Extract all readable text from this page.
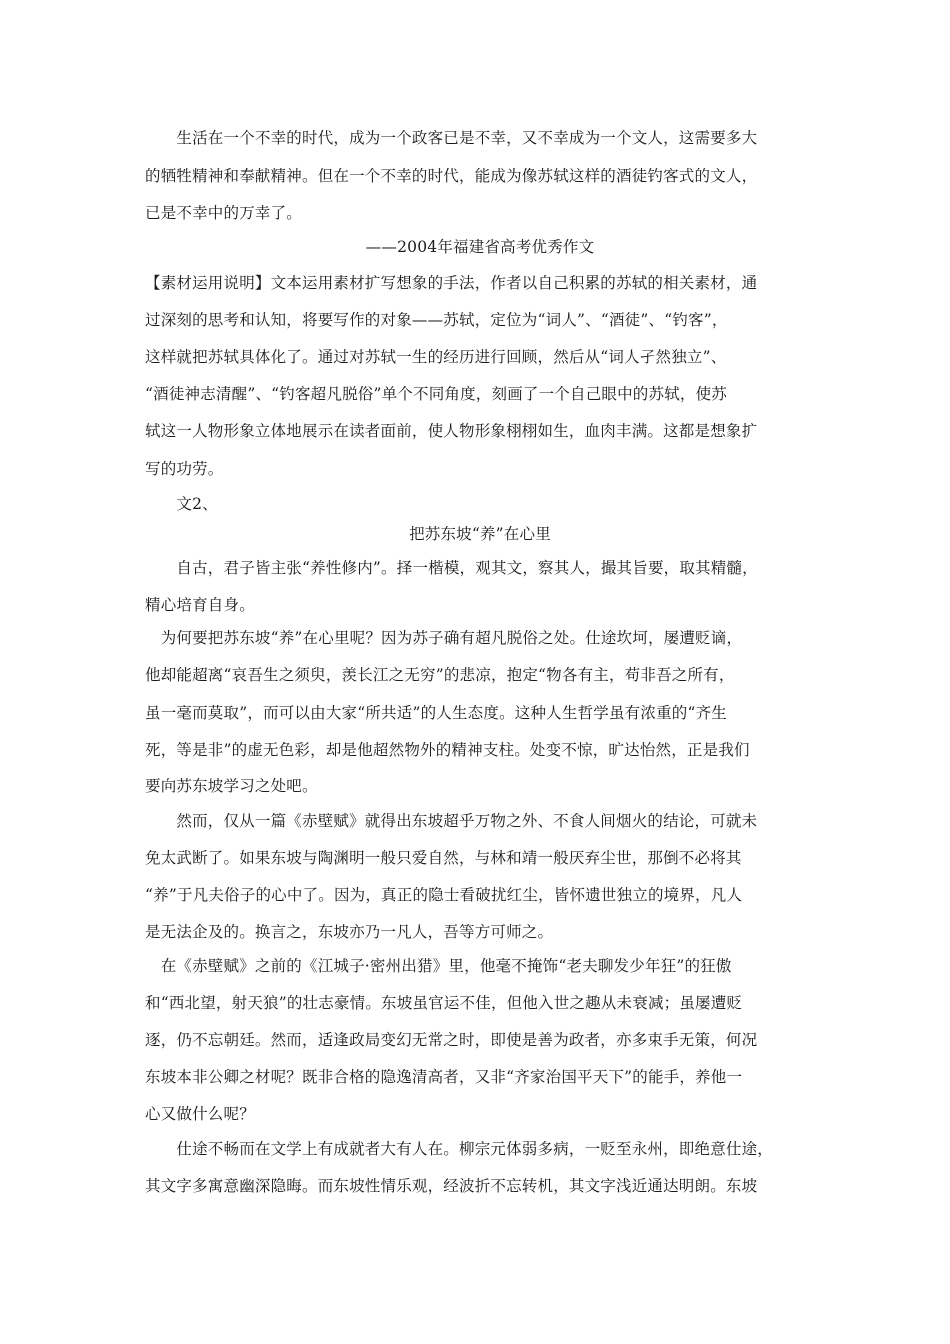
　　生活在一个不幸的时代，成为一个政客已是不幸，又不幸成为一个文人，这需要多大
的牺牲精神和奉献精神。但在一个不幸的时代，能成为像苏轼这样的酒徒钓客式的文人，
已是不幸中的万幸了。
——2004年福建省高考优秀作文
【素材运用说明】文本运用素材扩写想象的手法，作者以自己积累的苏轼的相关素材，通
过深刻的思考和认知，将要写作的对象——苏轼，定位为“词人”、“酒徒”、“钓客”，
这样就把苏轼具体化了。通过对苏轼一生的经历进行回顾，然后从“词人孑然独立”、
“酒徒神志清醒”、“钓客超凡脱俗”单个不同角度，刻画了一个自己眼中的苏轼，使苏
轼这一人物形象立体地展示在读者面前，使人物形象栩栩如生，血肉丰满。这都是想象扩
写的功劳。
　　文2、
把苏东坡“养”在心里
　　自古，君子皆主张“养性修内”。择一楷模，观其文，察其人，撮其旨要，取其精髓，
精心培育自身。
　为何要把苏东坡“养”在心里呢？因为苏子确有超凡脱俗之处。仕途坎坷，屡遭贬谪，
他却能超离“哀吾生之须臾，羡长江之无穷”的悲凉，抱定“物各有主，苟非吾之所有，
虽一毫而莫取”，而可以由大家“所共适”的人生态度。这种人生哲学虽有浓重的“齐生
死，等是非”的虚无色彩，却是他超然物外的精神支柱。处变不惊，旷达怡然，正是我们
要向苏东坡学习之处吧。
　　然而，仅从一篇《赤壁赋》就得出东坡超乎万物之外、不食人间烟火的结论，可就未
免太武断了。如果东坡与陶渊明一般只爱自然，与林和靖一般厌弃尘世，那倒不必将其
“养”于凡夫俗子的心中了。因为，真正的隐士看破扰红尘，皆怀遗世独立的境界，凡人
是无法企及的。换言之，东坡亦乃一凡人，吾等方可师之。
　在《赤壁赋》之前的《江城子·密州出猎》里，他毫不掩饰“老夫聊发少年狂”的狂傲
和“西北望，射天狼”的壮志豪情。东坡虽官运不佳，但他入世之趣从未衰减；虽屡遭贬
逐，仍不忘朝廷。然而，适逢政局变幻无常之时，即使是善为政者，亦多束手无策，何况
东坡本非公卿之材呢？既非合格的隐逸清高者，又非“齐家治国平天下”的能手，养他一
心又做什么呢？
　　仕途不畅而在文学上有成就者大有人在。柳宗元体弱多病，一贬至永州，即绝意仕途，
其文字多寓意幽深隐晦。而东坡性情乐观，经波折不忘转机，其文字浅近通达明朗。东坡
